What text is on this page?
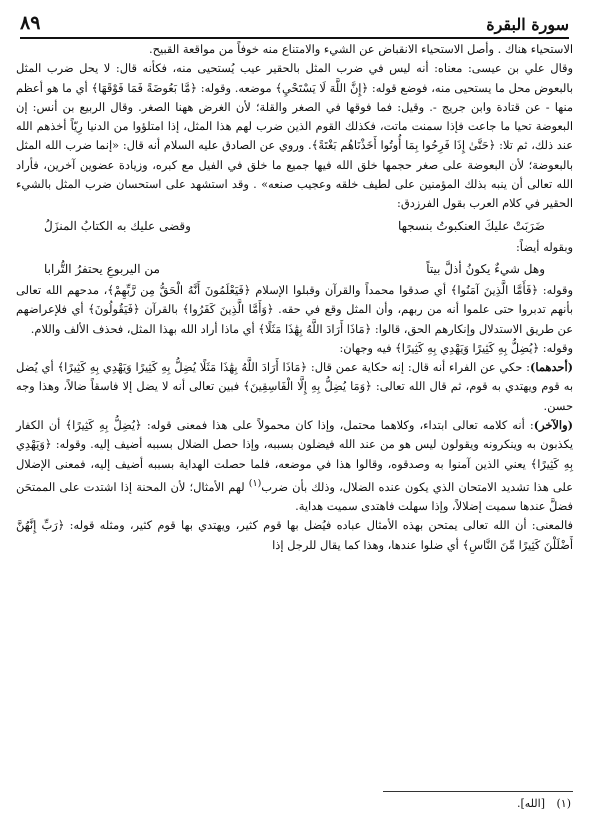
سورة البقرة
٨٩

الاستحياء هناك . وأصل الاستحياء الانقباض عن الشيء والامتناع منه خوفاً من مواقعة القبيح.

وقال علي بن عيسى: معناه: أنه ليس في ضرب المثل بالحقير عيب يُستحيى منه، فكأنه قال: لا يحل ضرب المثل بالبعوض محل ما يستحيى منه، فوضع قوله: ﴿إِنَّ اللَّهَ لَا يَسْتَحْيِ﴾ موضعه. وقوله: ﴿مَّا بَعُوضَةً فَمَا فَوْقَهَا﴾ أي ما هو أعظم منها - عن قتادة وابن جريج -. وقيل: فما فوقها في الصغر والقلة؛ لأن الغرض ههنا الصغر. وقال الربيع بن أنس: إن البعوضة تحيا ما جاعت فإذا سمنت ماتت، فكذلك القوم الذين ضرب لهم هذا المثل، إذا امتلؤوا من الدنيا رِيّاً أخذهم الله عند ذلك، ثم تلا: ﴿حَتَّىٰ إِذَا فَرِحُوا بِمَا أُوتُوا أَخَذْنَاهُم بَغْتَةً﴾. وروي عن الصادق عليه السلام أنه قال: «إنما ضرب الله المثل بالبعوضة؛ لأن البعوضة على صغر حجمها خلق الله فيها جميع ما خلق في الفيل مع كبره، وزيادة عضوين آخرين، فأراد الله تعالى أن ينبه بذلك المؤمنين على لطيف خلقه وعجيب صنعه» . وقد استشهد على استحسان ضرب المثل بالشيء الحقير في كلام العرب بقول الفرزدق:

ضَرَبَتْ عليكَ العنكبوتُ بنسجها
وقضى عليك به الكتابُ المنزَلُ

وبقوله أيضاً:

وهل شيءٌ يكونُ أذلَّ بيتاً
من اليربوعِ يحتفرُ التُّرابا

وقوله: ﴿فَأَمَّا الَّذِينَ آمَنُوا﴾ أي صدقوا محمداً والقرآن وقبلوا الإسلام ﴿فَيَعْلَمُونَ أَنَّهُ الْحَقُّ مِن رَّبِّهِمْ﴾، مدحهم الله تعالى بأنهم تدبروا حتى علموا أنه من ربهم، وأن المثل وقع في حقه. ﴿وَأَمَّا الَّذِينَ كَفَرُوا﴾ بالقرآن ﴿فَيَقُولُونَ﴾ أي فلإعراضهم عن طريق الاستدلال وإنكارهم الحق، قالوا: ﴿مَاذَا أَرَادَ اللَّهُ بِهَٰذَا مَثَلًا﴾ أي ماذا أراد الله بهذا المثل، فحذف الألف واللام.

وقوله: ﴿يُضِلُّ بِهِ كَثِيرًا وَيَهْدِي بِهِ كَثِيرًا﴾ فيه وجهان:

(أحدهما): حكي عن الفراء أنه قال: إنه حكاية عمن قال: ﴿مَاذَا أَرَادَ اللَّهُ بِهَٰذَا مَثَلًا يُضِلُّ بِهِ كَثِيرًا وَيَهْدِي بِهِ كَثِيرًا﴾ أي يُضل به قوم ويهتدي به قوم، ثم قال الله تعالى: ﴿وَمَا يُضِلُّ بِهِ إِلَّا الْفَاسِقِينَ﴾ فبين تعالى أنه لا يضل إلا فاسقاً ضالاً، وهذا وجه حسن.

(والآخر): أنه كلامه تعالى ابتداء، وكلاهما محتمل، وإذا كان محمولاً على هذا فمعنى قوله: ﴿يُضِلُّ بِهِ كَثِيرًا﴾ أن الكفار يكذبون به وينكرونه ويقولون ليس هو من عند الله فيضلون بسببه، وإذا حصل الضلال بسببه أضيف إليه. وقوله: ﴿وَيَهْدِي بِهِ كَثِيرًا﴾ يعني الذين آمنوا به وصدقوه، وقالوا هذا في موضعه، فلما حصلت الهداية بسببه أضيف إليه، فمعنى الإضلال على هذا تشديد الامتحان الذي يكون عنده الضلال، وذلك بأن ضرب$^{(١)}$ لهم الأمثال؛ لأن المحنة إذا اشتدت على الممتحَن فضلَّ عندها سميت إضلالاً، وإذا سهلت فاهتدى سميت هداية.

فالمعنى: أن الله تعالى يمتحن بهذه الأمثال عباده فيُضل بها قوم كثير، ويهتدي بها قوم كثير، ومثله قوله: ﴿رَبِّ إِنَّهُنَّ أَضْلَلْنَ كَثِيرًا مِّنَ النَّاسِ﴾ أي ضلوا عندها، وهذا كما يقال للرجل إذا

(١) [الله].
